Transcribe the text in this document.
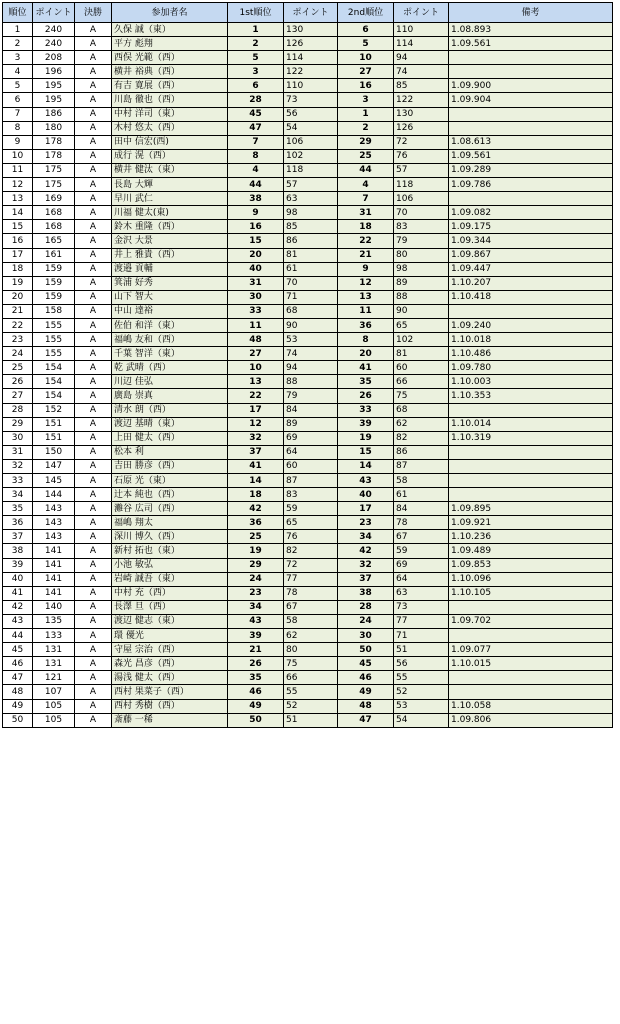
順位	ポイント	決勝	参加者名	1st順位	ポイント	2nd順位	ポイント	備考
1	240	A	久保 誠（東）	1	130	6	110	1.08.893
2	240	A	平方 彪翔	2	126	5	114	1.09.561
3	208	A	西俣 光範（西）	5	114	10	94	
4	196	A	横井 裕典（西）	3	122	27	74	
5	195	A	有吉 寛展（西）	6	110	16	85	1.09.900
6	195	A	川島 徹也（西）	28	73	3	122	1.09.904
7	186	A	中村 洋司（東）	45	56	1	130	
8	180	A	木村 悠太（西）	47	54	2	126	
9	178	A	田中 信宏(西)	7	106	29	72	1.08.613
10	178	A	成行 滉（西）	8	102	25	76	1.09.561
11	175	A	横井 健汰（東）	4	118	44	57	1.09.289
12	175	A	長島 大輝	44	57	4	118	1.09.786
13	169	A	早川 武仁	38	63	7	106	
14	168	A	川福 健太(東)	9	98	31	70	1.09.082
15	168	A	鈴木 重隆（西）	16	85	18	83	1.09.175
16	165	A	金沢 大景	15	86	22	79	1.09.344
17	161	A	井上 雅貴（西）	20	81	21	80	1.09.867
18	159	A	渡邉 貢輔	40	61	9	98	1.09.447
19	159	A	箕浦 好秀	31	70	12	89	1.10.207
20	159	A	山下 智大	30	71	13	88	1.10.418
21	158	A	中山 達裕	33	68	11	90	
22	155	A	佐伯 和洋（東）	11	90	36	65	1.09.240
23	155	A	福嶋 友和（西）	48	53	8	102	1.10.018
24	155	A	千葉 智洋（東）	27	74	20	81	1.10.486
25	154	A	乾 武晴（西）	10	94	41	60	1.09.780
26	154	A	川辺 佳弘	13	88	35	66	1.10.003
27	154	A	廣島 崇真	22	79	26	75	1.10.353
28	152	A	清水 朗（西）	17	84	33	68	
29	151	A	渡辺 基晴（東）	12	89	39	62	1.10.014
30	151	A	上田 健太（西）	32	69	19	82	1.10.319
31	150	A	松本 利	37	64	15	86	
32	147	A	吉田 勝彦（西）	41	60	14	87	
33	145	A	石原 光（東）	14	87	43	58	
34	144	A	辻本 純也（西）	18	83	40	61	
35	143	A	灘谷 広司（西）	42	59	17	84	1.09.895
36	143	A	福嶋 翔太	36	65	23	78	1.09.921
37	143	A	深川 博久（西）	25	76	34	67	1.10.236
38	141	A	新村 拓也（東）	19	82	42	59	1.09.489
39	141	A	小池 敏弘	29	72	32	69	1.09.853
40	141	A	岩崎 誠吾（東）	24	77	37	64	1.10.096
41	141	A	中村 充（西）	23	78	38	63	1.10.105
42	140	A	長澤 旦（西）	34	67	28	73	
43	135	A	渡辺 健志（東）	43	58	24	77	1.09.702
44	133	A	環 優光	39	62	30	71	
45	131	A	守屋 宗治（西）	21	80	50	51	1.09.077
46	131	A	森光 昌彦（西）	26	75	45	56	1.10.015
47	121	A	湯浅 健太（西）	35	66	46	55	
48	107	A	西村 果菜子（西）	46	55	49	52	
49	105	A	西村 秀樹（西）	49	52	48	53	1.10.058
50	105	A	斎藤 一稀	50	51	47	54	1.09.806
